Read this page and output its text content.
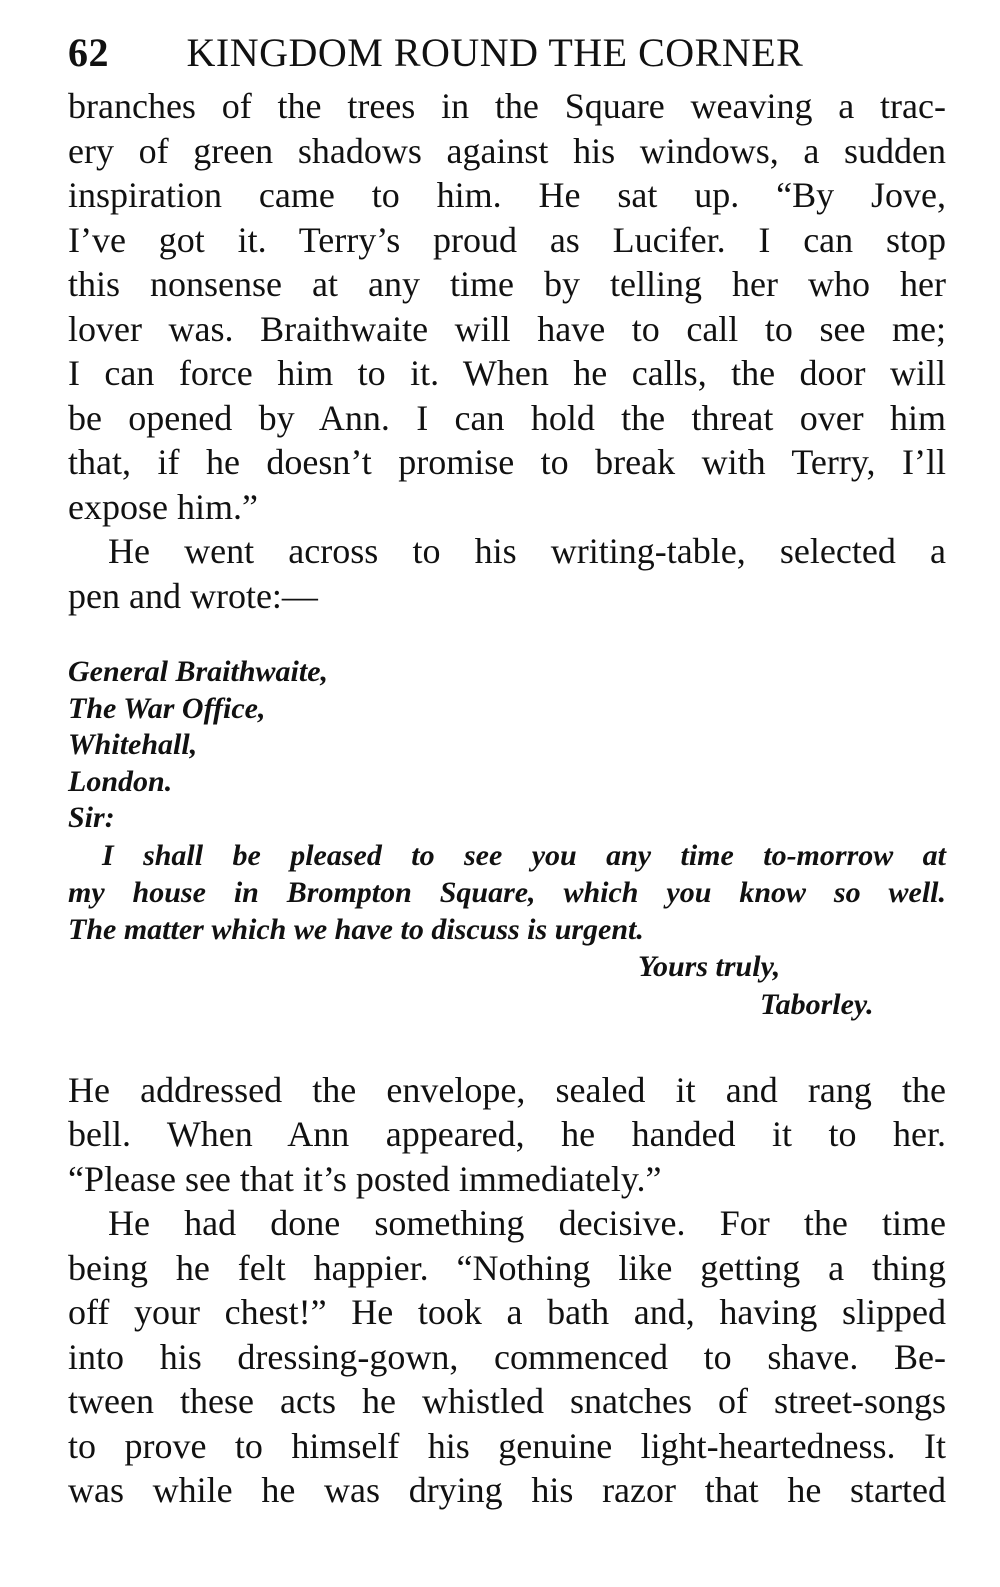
62 KINGDOM ROUND THE CORNER
branches of the trees in the Square weaving a trac-
ery of green shadows against his windows, a sudden
inspiration came to him. He sat up. “By Jove,
I’ve got it. Terry’s proud as Lucifer. I can stop
this nonsense at any time by telling her who her
lover was. Braithwaite will have to call to see me;
I can force him to it. When he calls, the door will
be opened by Ann. I can hold the threat over him
that, if he doesn’t promise to break with Terry, I’ll
expose him.”
He went across to his writing-table, selected a
pen and wrote:—
General Braithwaite,
The War Office,
Whitehall,
London.
Sir:
I shall be pleased to see you any time to-morrow at
my house in Brompton Square, which you know so well.
The matter which we have to discuss is urgent.
Yours truly,
Taborley.
He addressed the envelope, sealed it and rang the
bell. When Ann appeared, he handed it to her.
“Please see that it’s posted immediately.”
He had done something decisive. For the time
being he felt happier. “Nothing like getting a thing
off your chest!” He took a bath and, having slipped
into his dressing-gown, commenced to shave. Be-
tween these acts he whistled snatches of street-songs
to prove to himself his genuine light-heartedness. It
was while he was drying his razor that he started
